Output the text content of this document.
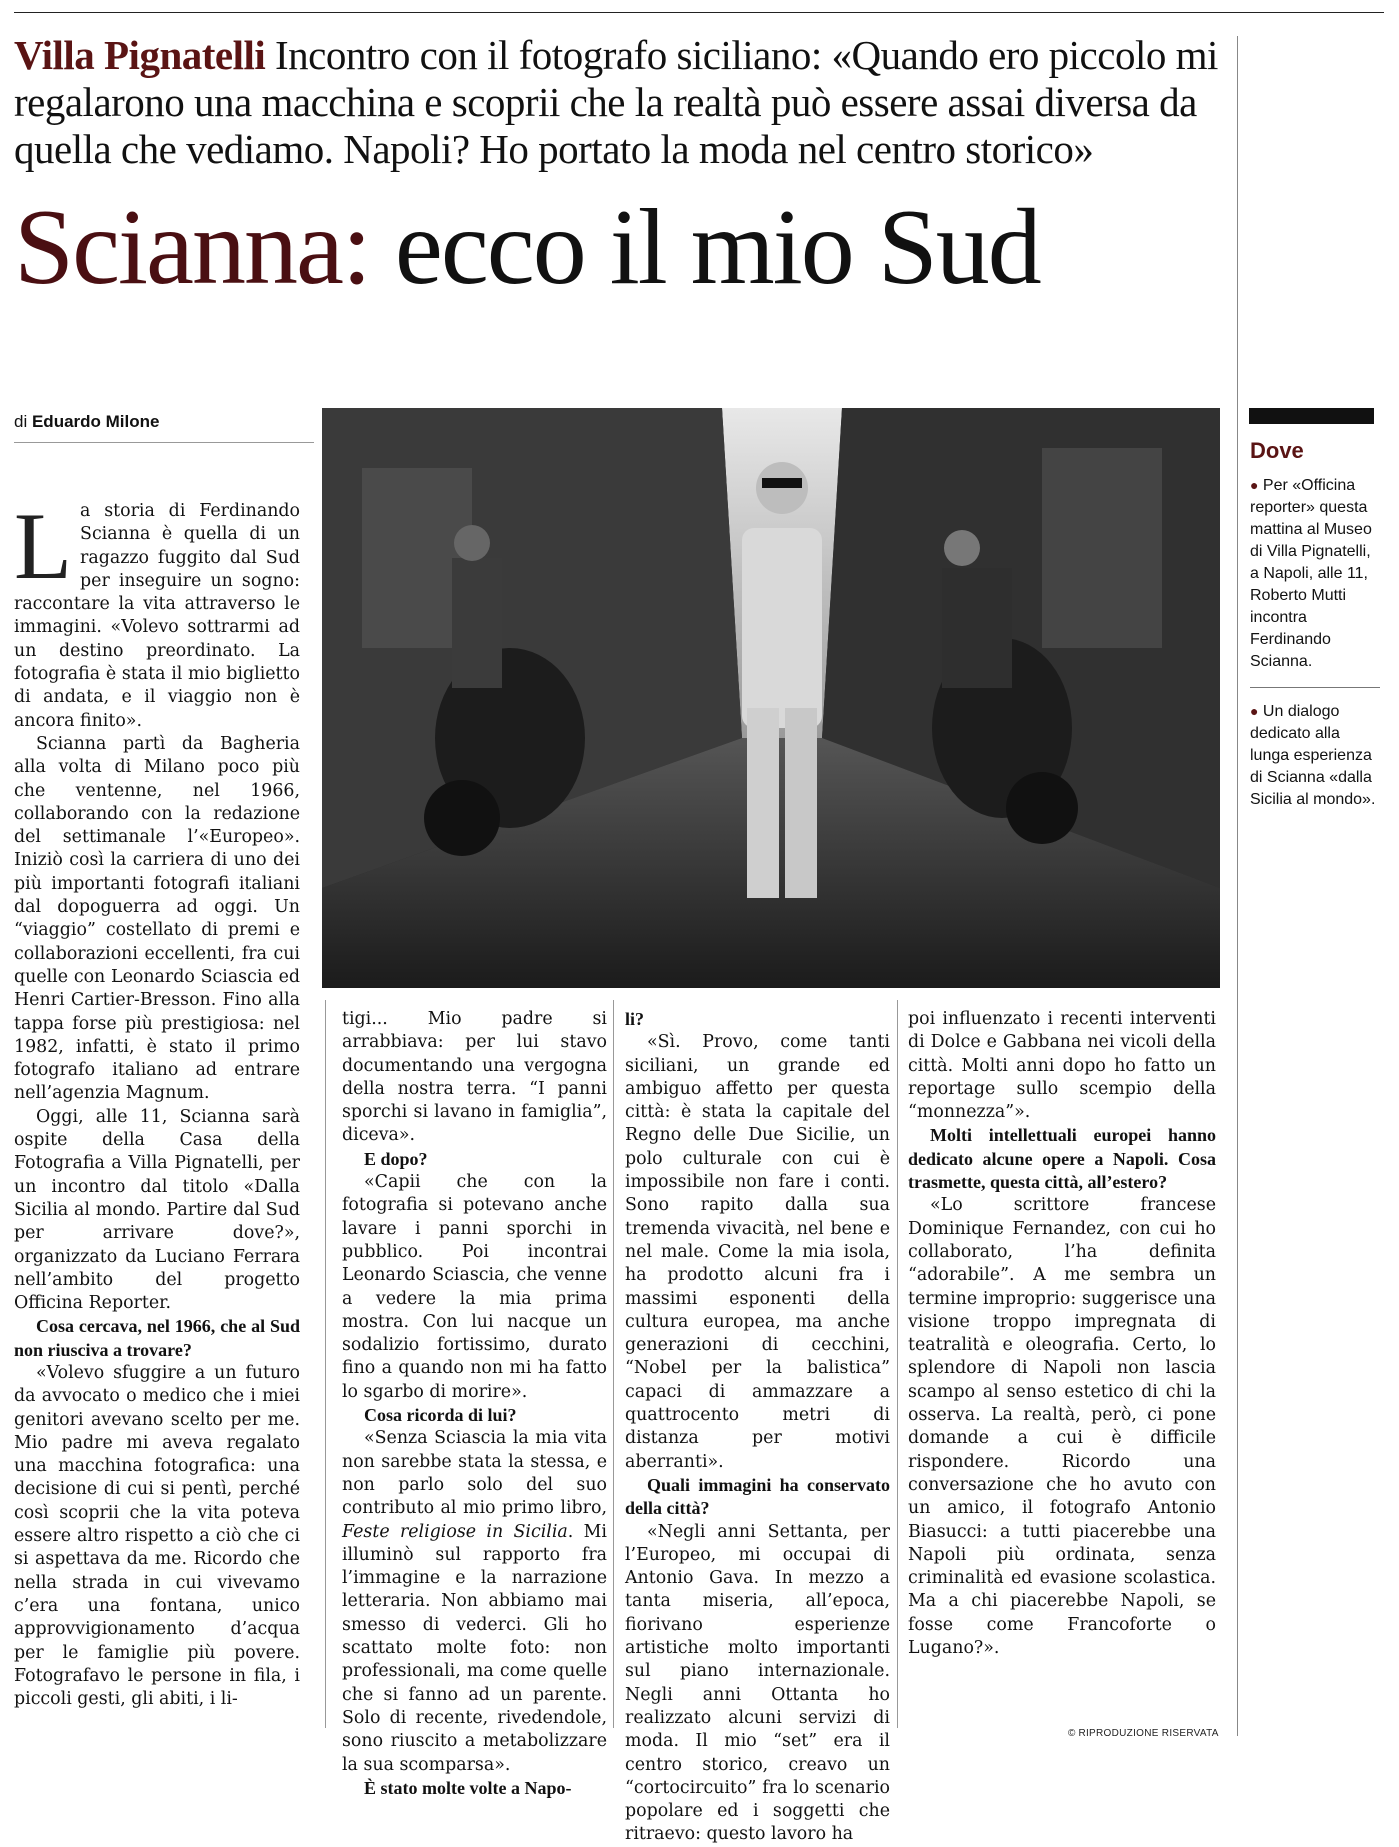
Villa Pignatelli Incontro con il fotografo siciliano: «Quando ero piccolo mi regalarono una macchina e scoprii che la realtà può essere assai diversa da quella che vediamo. Napoli? Ho portato la moda nel centro storico»
Scianna: ecco il mio Sud
di Eduardo Milone

La storia di Ferdinando Scianna è quella di un ragazzo fuggito dal Sud per inseguire un sogno: raccontare la vita attraverso le immagini. «Volevo sottrarmi ad un destino preordinato. La fotografia è stata il mio biglietto di andata, e il viaggio non è ancora finito».

Scianna partì da Bagheria alla volta di Milano poco più che ventenne, nel 1966, collaborando con la redazione del settimanale l’«Europeo». Iniziò così la carriera di uno dei più importanti fotografi italiani dal dopoguerra ad oggi. Un “viaggio” costellato di premi e collaborazioni eccellenti, fra cui quelle con Leonardo Sciascia ed Henri Cartier-Bresson. Fino alla tappa forse più prestigiosa: nel 1982, infatti, è stato il primo fotografo italiano ad entrare nell’agenzia Magnum.

Oggi, alle 11, Scianna sarà ospite della Casa della Fotografia a Villa Pignatelli, per un incontro dal titolo «Dalla Sicilia al mondo. Partire dal Sud per arrivare dove?», organizzato da Luciano Ferrara nell’ambito del progetto Officina Reporter.

Cosa cercava, nel 1966, che al Sud non riusciva a trovare?

«Volevo sfuggire a un futuro da avvocato o medico che i miei genitori avevano scelto per me. Mio padre mi aveva regalato una macchina fotografica: una decisione di cui si pentì, perché così scoprii che la vita poteva essere altro rispetto a ciò che ci si aspettava da me. Ricordo che nella strada in cui vivevamo c’era una fontana, unico approvvigionamento d’acqua per le famiglie più povere. Fotografavo le persone in fila, i piccoli gesti, gli abiti, i li-

tigi... Mio padre si arrabbiava: per lui stavo documentando una vergogna della nostra terra. “I panni sporchi si lavano in famiglia”, diceva».

E dopo?

«Capii che con la fotografia si potevano anche lavare i panni sporchi in pubblico. Poi incontrai Leonardo Sciascia, che venne a vedere la mia prima mostra. Con lui nacque un sodalizio fortissimo, durato fino a quando non mi ha fatto lo sgarbo di morire».

Cosa ricorda di lui?

«Senza Sciascia la mia vita non sarebbe stata la stessa, e non parlo solo del suo contributo al mio primo libro, Feste religiose in Sicilia. Mi illuminò sul rapporto fra l’immagine e la narrazione letteraria. Non abbiamo mai smesso di vederci. Gli ho scattato molte foto: non professionali, ma come quelle che si fanno ad un parente. Solo di recente, rivedendole, sono riuscito a metabolizzare la sua scomparsa».

È stato molte volte a Napo-

li?

«Sì. Provo, come tanti siciliani, un grande ed ambiguo affetto per questa città: è stata la capitale del Regno delle Due Sicilie, un polo culturale con cui è impossibile non fare i conti. Sono rapito dalla sua tremenda vivacità, nel bene e nel male. Come la mia isola, ha prodotto alcuni fra i massimi esponenti della cultura europea, ma anche generazioni di cecchini, “Nobel per la balistica” capaci di ammazzare a quattrocento metri di distanza per motivi aberranti».

Quali immagini ha conservato della città?

«Negli anni Settanta, per l’Europeo, mi occupai di Antonio Gava. In mezzo a tanta miseria, all’epoca, fiorivano esperienze artistiche molto importanti sul piano internazionale. Negli anni Ottanta ho realizzato alcuni servizi di moda. Il mio “set” era il centro storico, creavo un “cortocircuito” fra lo scenario popolare ed i soggetti che ritraevo: questo lavoro ha

poi influenzato i recenti interventi di Dolce e Gabbana nei vicoli della città. Molti anni dopo ho fatto un reportage sullo scempio della “monnezza”».

Molti intellettuali europei hanno dedicato alcune opere a Napoli. Cosa trasmette, questa città, all’estero?

«Lo scrittore francese Dominique Fernandez, con cui ho collaborato, l’ha definita “adorabile”. A me sembra un termine improprio: suggerisce una visione troppo impregnata di teatralità e oleografia. Certo, lo splendore di Napoli non lascia scampo al senso estetico di chi la osserva. La realtà, però, ci pone domande a cui è difficile rispondere. Ricordo una conversazione che ho avuto con un amico, il fotografo Antonio Biasucci: a tutti piacerebbe una Napoli più ordinata, senza criminalità ed evasione scolastica. Ma a chi piacerebbe Napoli, se fosse come Francoforte o Lugano?».

© RIPRODUZIONE RISERVATA
Dove
● Per «Officina reporter» questa mattina al Museo di Villa Pignatelli, a Napoli, alle 11, Roberto Mutti incontra Ferdinando Scianna.
● Un dialogo dedicato alla lunga esperienza di Scianna «dalla Sicilia al mondo».
